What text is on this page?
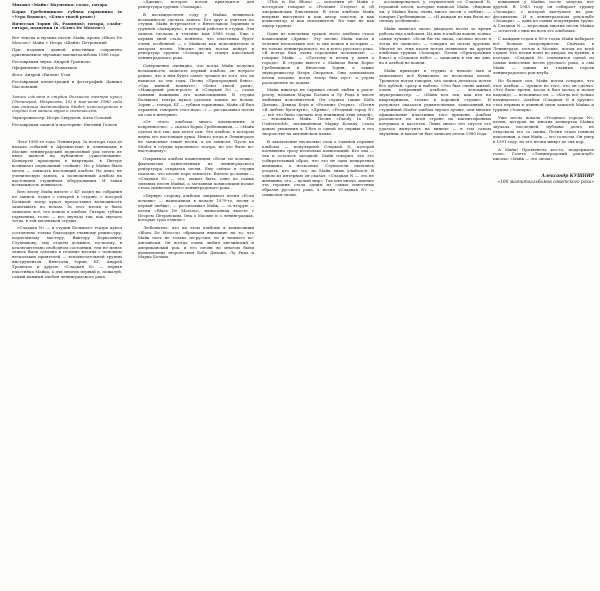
Михаил «Майк» Науменко: голос, гитара

Борис Гребенщиков: губная гармоника (в «Утро Вдовея», «Блюз твоей реки»)

Вячеслав Зорин (К. Рахимов): гитара, слайд-гитара, подпевки (в «Блюз De Moscou»)

Все тексты и музыка песен: Майк, кроме «Blues De Moscou»: Майк + Игорь «Шайн» Петровский

При издании данной пластинки сохранено оригинальное звучание магнитоальбома 1980 года.

Реставрация звука: Андрей Тропилло

Оформление: Игорь Ковальков

Фото: Андрей «Вилли» Усов

Реставрация иллюстраций и фотографий: Даниил Масловский

Запись сделана в студии большого театра кукол (Ленинград, Некрасова, 10) в мае-июне 1980 года при помощи магнитофона Studer, используемого в студии для записи звука к спектаклям.

Звукорежиссер: Игорь Свердлов, Алла Соловей

Реставрация записи и мастеринг: Евгений Галеев

Лето 1980-го года. Ленинград. За полтора года до начала событий в Афганистане и олимпиады в Москве ленинградский подпольный рок почти не имел шансов на публичное существование. Концерты проходили в квартирах, в Питере возникает подпольный «сейшн». Но у Майка была мечта — записать настоящий альбом. Не демо, не ученическую запись, а полноценный альбом на настоящем студийном оборудовании. И такая возможность появилась.

Всю весну Майк вместе с БГ ходил на собрания по записи, ездил с гитарой в студию, с которой Большой театр кукол предоставил возможность записывать по ночам. За этот месяц и было записано всё, что вошло в альбом. Гитары, губная гармоника, голос — все звучало так, как звучало тогда, в той маленькой студии.

«Сладкая N» — в студии Большого театра кукол составлено только благодаря главному режиссеру, подпольному мастеру, Виктору Борисовичу Студенцову; ему отдаём должное, по-моему, в исключительно свободном состоянии, тем не менее запись была сделана в течение месяца с помощью нескольких приятелей — вспомогательной группы инструментов. Вячеслав Зорин, БГ, Андрей Тропилло и другие. «Сладкая N» — первая пластинка Майка, а для многих первый и, пожалуй, самый важный альбом ленинградского рока.

«Джеки», которое потом пригодится для репертуара группы «Зоопарк».

В восьмидесятом году у Майка появилась возможность сделать запись. Его друг и учитель по студии, Майк встречается с Вячеславом Зориным и группой «Аквариум», в которой работал в студии. Эти записи сделали в течение мая 1980 года. Уже с первых дней стало понятно, что пластинка будет очень особенной — с Майком как исполнителем и автором песен. Многие песни потом войдут в репертуар группы «Зоопарк» и станут классикой ленинградского рока.

Совершенно очевидно, что когда Майк получил возможность записать первый альбом, он всерьез решил, что в нём будет самое лучшее из того, что он написал за эти годы. Песни «Пригородный блюз», «Ода ванной комнате», «Блюз твоей реки», «Мажорный рок-н-ролл» и «Сладкая N» — стали самыми важными его композициями. В студии Большого театра кукол сделали запись по ночам. Зорин — гитара, БГ — губная гармоника. Майк «Я был отравлен, говорить стал мало...» — рассказывал потом он сам в интервью.

«От этого альбома много вдохновения и искренности», — сказал Борис Гребенщиков, — «Майк сделал всё так, как хотел сам. Это альбом, в котором видна его настоящая душа. Никто тогда в Ленинграде не записывал такие песни, а он записал. Пусть на Studer в студии кукольного театра, но это было по-настоящему».

Открывала альбом композиция «Если ты хочешь», фактически единственная из ленинградского репертуара открытая песня. Ему сейчас в студии сказали, что песню пора записать. Вплоть до конца — «Сладкая N» — это, может быть, одна из самых сильных песен Майка, а заглавная композиция позже стала символом всего ленинградского рока.

«Первую сторону альбома закрывает песня «Если хочешь» — написанная в начале 1979-го, песня о первой любви», — рассказывал Майк, — «а вторую — песня «Blues De Moscou», написанная вместе с Игорем Петровским. Она о Москве и о ленинградцах, которые туда ездили.»

Любопытно, что на этом альбоме в композиции «Blues De Moscou» обращаем внимание на то, что Майк поет не только по-русски, но и немного по-английски. Он всегда очень любил английский и американский рок, и его песни во многом были вдохновлены творчеством Боба Дилана, Лу Рида и Марка Болана.

«This is the Blues» — исполняя её Майк с восторгом говорил о «Роллинг Стоунз» и об американских блюзменах. В этом альбоме Майк впервые выступает и как автор текстов, и как композитор, и как исполнитель. Но ещё не как лидер группы.

Один из ключевых треков этого альбома стала композиция «Дрянь». Эту песню Майк писал в течение нескольких лет, и она вошла в историю — не только ленинградского, но и всего русского рока. «Я всегда был очень городским человеком», — говорил Майк. — «Поэтому и песни у меня о городе». В студии вместе с Майком были Борис Гребенщиков и Вячеслав Зорин, а также звукорежиссер Игорь Свердлов. Они записывали песни ночами, когда театр был пуст, а утром расходились по домам.

Майк никогда не скрывал своей любви к рок-н-роллу, называя Марка Болана и Лу Рида в числе любимых исполнителей. Он слушал также Боба Дилана, Дэвида Боуи и «Роллинг Стоунз». «Песня «Я люблю буги-вуги», «Дрянь», «Уездный город N» — всё это было сделано под влиянием этих людей», — вспоминал Майк. Песня «Dandy In The Underworld», посвящённая Марку Болану, стала данью уважения к T.Rex и одной из первых в его творчестве на английском языке.

В заключение несколько слов о главной героине альбома — популярной Сладкой N, которой посвящена сразу несколько композиций. Кто она — так и осталось загадкой. Майк говорил, что это собирательный образ, что это не одна конкретная женщина, а несколько. Слушатели пытались угадать, кто же это, но Майк лишь улыбался. В одном из интервью он сказал: «Сладкая N — это не женщина, это — целый мир». Так или иначе, именно эта героиня стала одним из самых известных образов русского рока, а песня «Сладкая N» — символом эпохи.

ассоциировалась у слушателей со Сладкой N, героиней песен, которые написал Майк. «Видишь ли, у Майка было очень много песен о любви», — говорил Гребенщиков. — «И каждая из них была по-своему особенной».

Майк написал около двадцати песен за время работы над альбомом. Из них в альбом вошли только самые лучшие. «Если бы ты знала, сколько песен я тогда не записал», — говорил он потом друзьям. Многие из этих песен потом появились на других альбомах группы «Зоопарк». Песни «Пригородный блюз» и «Седьмое небо» — записаны в эти же дни, но в альбом не вошли.

Майк приходит в студию в начале мая и записывает всё буквально за несколько ночей. Тропилло потом говорил, что запись делалась почти без дублей, сразу и набело. «Это был очень живой, очень искренний альбом», — вспоминал звукорежиссер. — «Майк пел так, как пел на квартирниках, только в хорошей студии». И результат оказался удивительным: записанный на студийный Studer альбом звучал лучше, чем многие официальные пластинки того времени. Альбом разошелся по всей стране на магнитофонных катушках и кассетах. Лишь много лет спустя его удалось выпустить на виниле — в том самом звучании, в каком он был записан летом 1980 года.

ковшовым у Майка после запуска нет друзей. В 1983 году он собирает группу «Зоопарк», с которой выступает на рок-фестивалях. И в ленинградском рок-клубе «Зоопарк» — одна из самых популярных групп. А Сладкая N — персонаж многих песен Майка — остается с ним на всех его альбомах.

С каждым годом в 80-х годах Майк набирает всё больше популярности. Сначала в Ленинграде, потом в Москве, потом по всей стране. Его песни поют во дворах, на кухнях, в поездах. «Сладкая N» становится одной из самых известных песен русского рока, а сам Майк — одним из главных героев ленинградского рок-клуба.

Но больше сил, Майк потом говорил, что этот альбом — лучшее из того, что он сделал. «Это было время, когда я был молод и полон надежд», — вспоминал он. — «Когда всё только начиналось». Альбом «Сладкая N и другие» стал первым в длинной цепи записей Майка и группы «Зоопарк».

Уже после вокала «Уездного города N», песни, которая на многих концертах Майка звучала последней, публика долго не отпускала его со сцены. Песня стала гимном поколения, а сам Майк — его голосом. Он умер в 1991 году, но его песни живут до сих пор.

А Майк! Прозвенела кто-то, поддержала голос. Газета «Ленинградский рок-клуб» писала: «Майк — это эпоха».

Александр КУШНИР
«100 магнитоальбомов советского рока»
